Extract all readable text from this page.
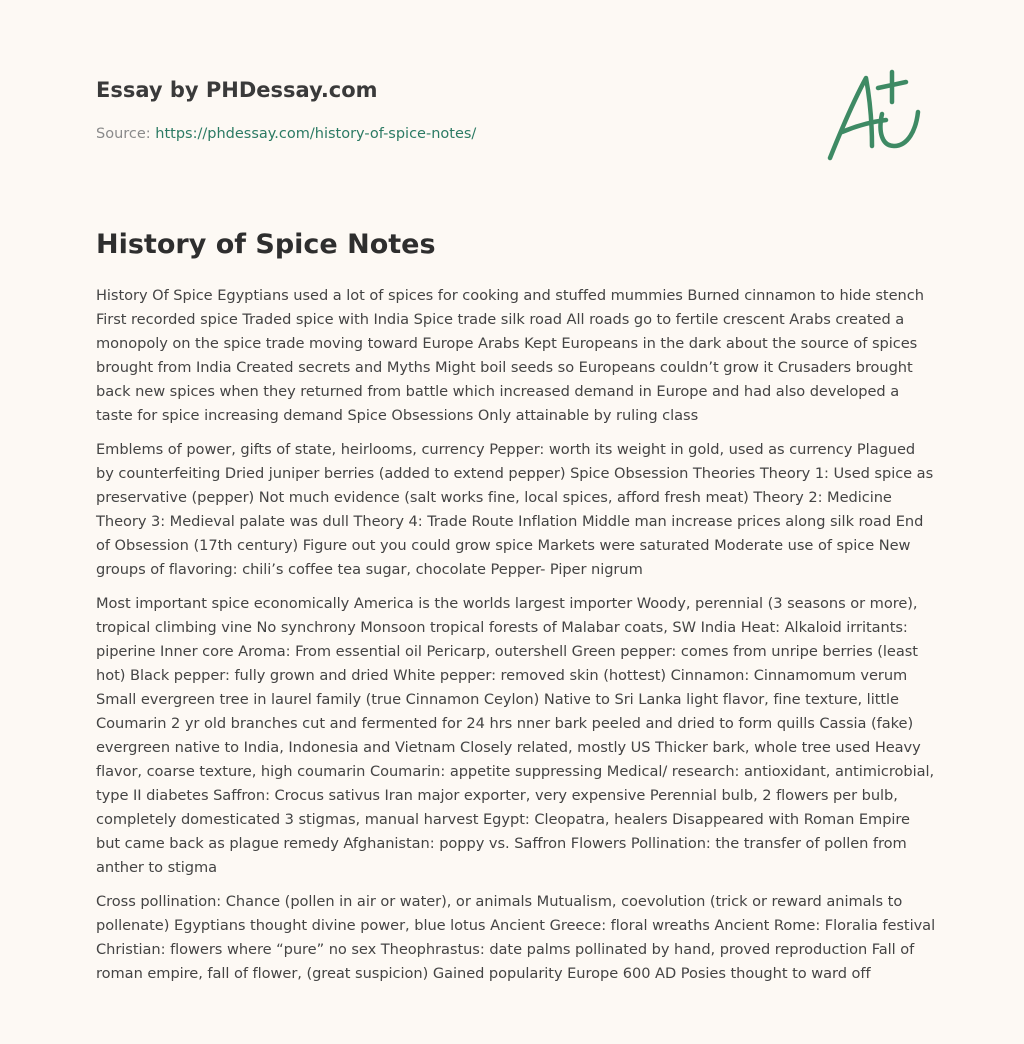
Essay by PHDessay.com
Source: https://phdessay.com/history-of-spice-notes/
History of Spice Notes

History Of Spice Egyptians used a lot of spices for cooking and stuffed mummies Burned cinnamon to hide stench First recorded spice Traded spice with India Spice trade silk road All roads go to fertile crescent Arabs created a monopoly on the spice trade moving toward Europe Arabs Kept Europeans in the dark about the source of spices brought from India Created secrets and Myths Might boil seeds so Europeans couldn’t grow it Crusaders brought back new spices when they returned from battle which increased demand in Europe and had also developed a taste for spice increasing demand Spice Obsessions Only attainable by ruling class

Emblems of power, gifts of state, heirlooms, currency Pepper: worth its weight in gold, used as currency Plagued by counterfeiting Dried juniper berries (added to extend pepper) Spice Obsession Theories Theory 1: Used spice as preservative (pepper) Not much evidence (salt works fine, local spices, afford fresh meat) Theory 2: Medicine Theory 3: Medieval palate was dull Theory 4: Trade Route Inflation Middle man increase prices along silk road End of Obsession (17th century) Figure out you could grow spice Markets were saturated Moderate use of spice New groups of flavoring: chili’s coffee tea sugar, chocolate Pepper- Piper nigrum

Most important spice economically America is the worlds largest importer Woody, perennial (3 seasons or more), tropical climbing vine No synchrony Monsoon tropical forests of Malabar coats, SW India Heat: Alkaloid irritants: piperine Inner core Aroma: From essential oil Pericarp, outershell Green pepper: comes from unripe berries (least hot) Black pepper: fully grown and dried White pepper: removed skin (hottest) Cinnamon: Cinnamomum verum Small evergreen tree in laurel family (true Cinnamon Ceylon) Native to Sri Lanka light flavor, fine texture, little Coumarin 2 yr old branches cut and fermented for 24 hrs nner bark peeled and dried to form quills Cassia (fake) evergreen native to India, Indonesia and Vietnam Closely related, mostly US Thicker bark, whole tree used Heavy flavor, coarse texture, high coumarin Coumarin: appetite suppressing Medical/ research: antioxidant, antimicrobial, type II diabetes Saffron: Crocus sativus Iran major exporter, very expensive Perennial bulb, 2 flowers per bulb, completely domesticated 3 stigmas, manual harvest Egypt: Cleopatra, healers Disappeared with Roman Empire but came back as plague remedy Afghanistan: poppy vs. Saffron Flowers Pollination: the transfer of pollen from anther to stigma

Cross pollination: Chance (pollen in air or water), or animals Mutualism, coevolution (trick or reward animals to pollenate) Egyptians thought divine power, blue lotus Ancient Greece: floral wreaths Ancient Rome: Floralia festival Christian: flowers where “pure” no sex Theophrastus: date palms pollinated by hand, proved reproduction Fall of roman empire, fall of flower, (great suspicion) Gained popularity Europe 600 AD Posies thought to ward off
